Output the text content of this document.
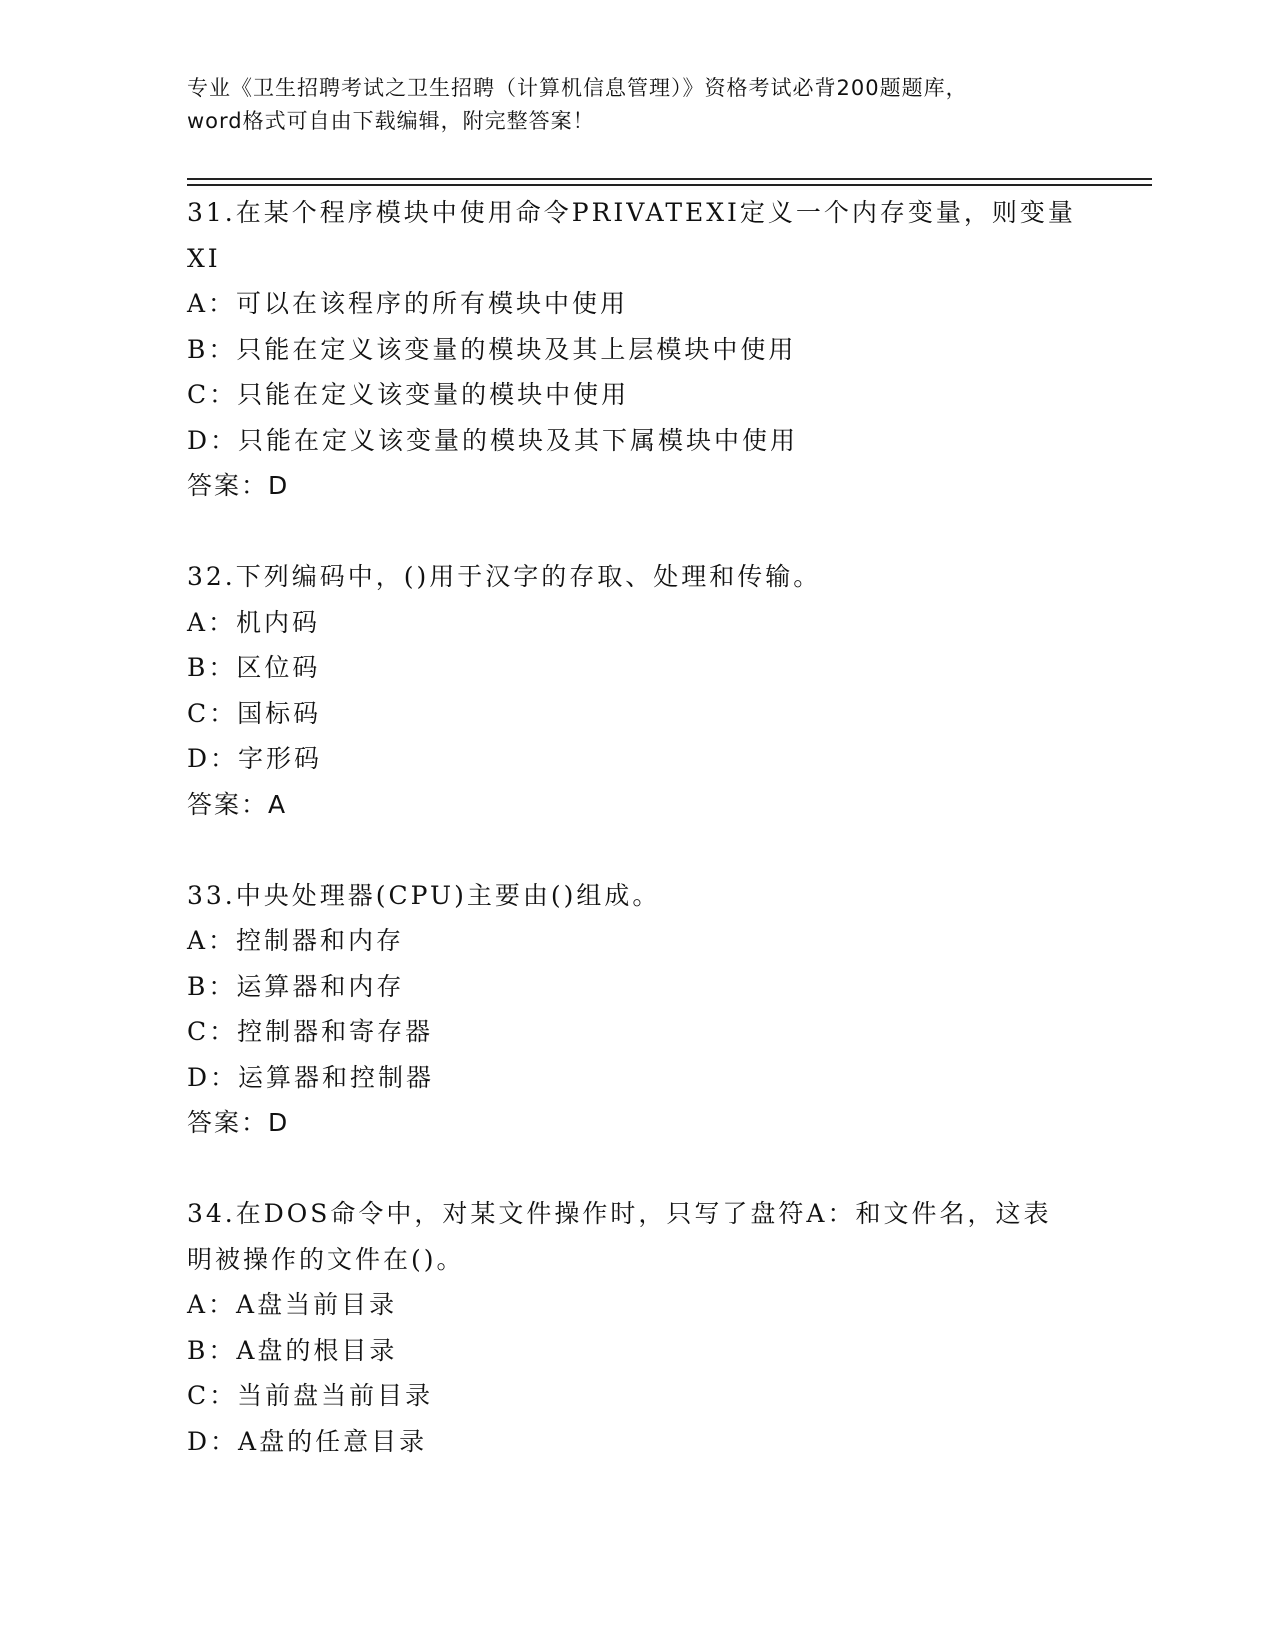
专业《卫生招聘考试之卫生招聘（计算机信息管理）》资格考试必背200题题库，
word格式可自由下载编辑，附完整答案！
31.在某个程序模块中使用命令PRIVATEXI定义一个内存变量，则变量
XI
A：可以在该程序的所有模块中使用
B：只能在定义该变量的模块及其上层模块中使用
C：只能在定义该变量的模块中使用
D：只能在定义该变量的模块及其下属模块中使用
答案：D
32.下列编码中，()用于汉字的存取、处理和传输。
A：机内码
B：区位码
C：国标码
D：字形码
答案：A
33.中央处理器(CPU)主要由()组成。
A：控制器和内存
B：运算器和内存
C：控制器和寄存器
D：运算器和控制器
答案：D
34.在DOS命令中，对某文件操作时，只写了盘符A：和文件名，这表
明被操作的文件在()。
A：A盘当前目录
B：A盘的根目录
C：当前盘当前目录
D：A盘的任意目录
